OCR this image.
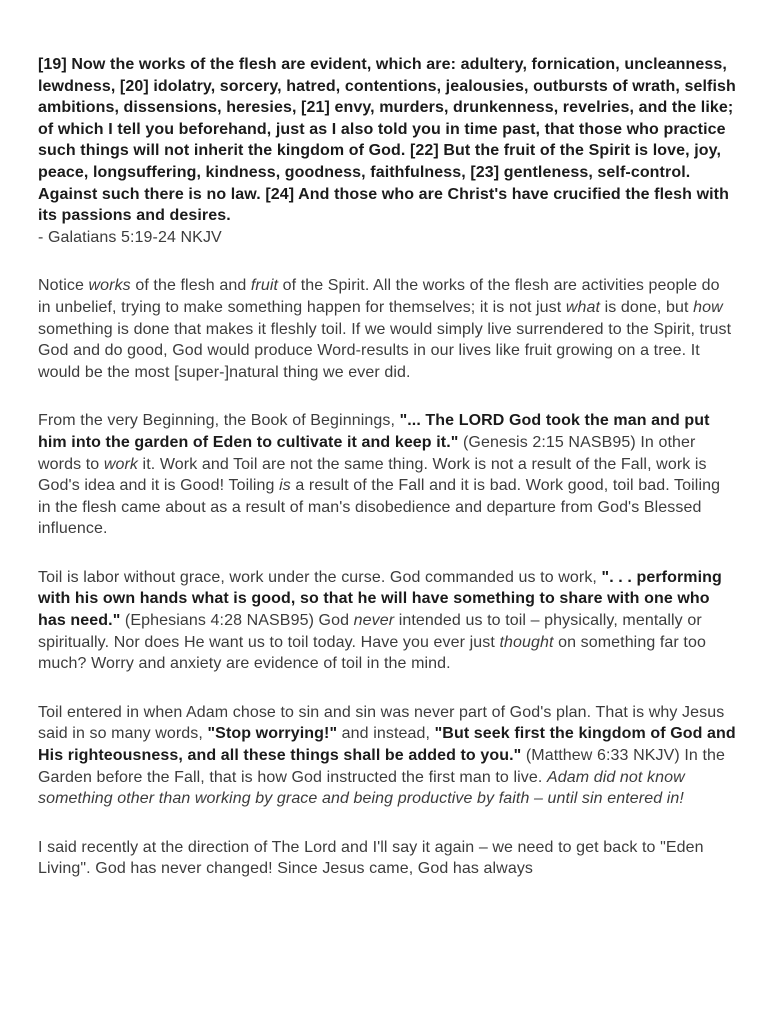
[19] Now the works of the flesh are evident, which are: adultery, fornication, uncleanness, lewdness, [20] idolatry, sorcery, hatred, contentions, jealousies, outbursts of wrath, selfish ambitions, dissensions, heresies, [21] envy, murders, drunkenness, revelries, and the like; of which I tell you beforehand, just as I also told you in time past, that those who practice such things will not inherit the kingdom of God. [22] But the fruit of the Spirit is love, joy, peace, longsuffering, kindness, goodness, faithfulness, [23] gentleness, self-control. Against such there is no law. [24] And those who are Christ's have crucified the flesh with its passions and desires.
- Galatians 5:19-24 NKJV

Notice works of the flesh and fruit of the Spirit. All the works of the flesh are activities people do in unbelief, trying to make something happen for themselves; it is not just what is done, but how something is done that makes it fleshly toil. If we would simply live surrendered to the Spirit, trust God and do good, God would produce Word-results in our lives like fruit growing on a tree. It would be the most [super-]natural thing we ever did.

From the very Beginning, the Book of Beginnings, "... The LORD God took the man and put him into the garden of Eden to cultivate it and keep it." (Genesis 2:15 NASB95) In other words to work it. Work and Toil are not the same thing. Work is not a result of the Fall, work is God's idea and it is Good! Toiling is a result of the Fall and it is bad. Work good, toil bad. Toiling in the flesh came about as a result of man's disobedience and departure from God's Blessed influence.

Toil is labor without grace, work under the curse. God commanded us to work, ". . . performing with his own hands what is good, so that he will have something to share with one who has need." (Ephesians 4:28 NASB95) God never intended us to toil – physically, mentally or spiritually. Nor does He want us to toil today. Have you ever just thought on something far too much? Worry and anxiety are evidence of toil in the mind.

Toil entered in when Adam chose to sin and sin was never part of God's plan. That is why Jesus said in so many words, "Stop worrying!" and instead, "But seek first the kingdom of God and His righteousness, and all these things shall be added to you." (Matthew 6:33 NKJV) In the Garden before the Fall, that is how God instructed the first man to live. Adam did not know something other than working by grace and being productive by faith – until sin entered in!

I said recently at the direction of The Lord and I'll say it again – we need to get back to "Eden Living". God has never changed! Since Jesus came, God has always
